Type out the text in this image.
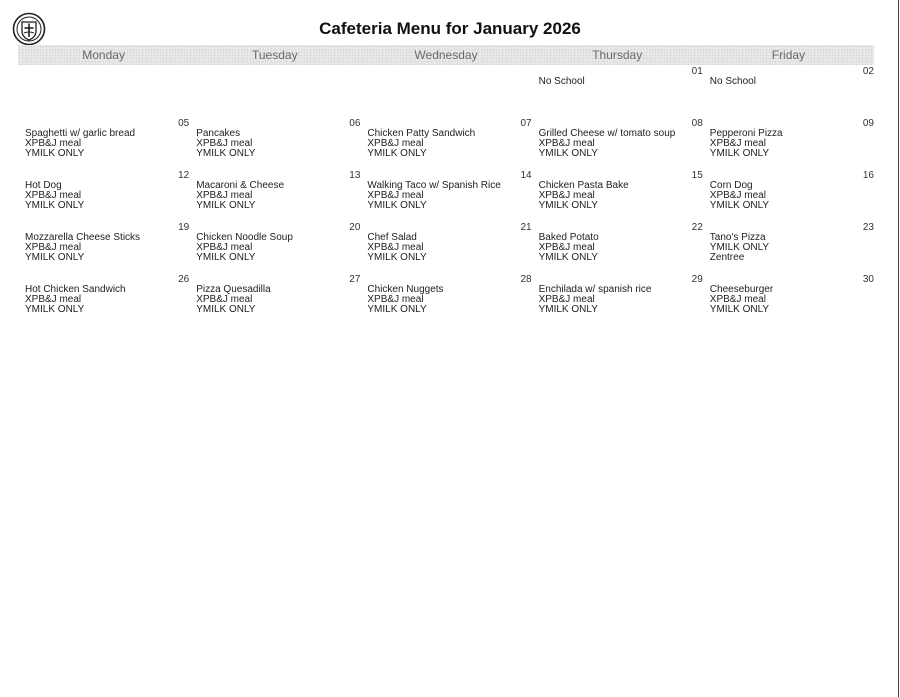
Cafeteria Menu for January 2026
Monday	Tuesday	Wednesday	Thursday	Friday
01
No School
02
No School
05
Spaghetti w/ garlic bread
XPB&J meal
YMILK ONLY
06
Pancakes
XPB&J meal
YMILK ONLY
07
Chicken Patty Sandwich
XPB&J meal
YMILK ONLY
08
Grilled Cheese w/ tomato soup
XPB&J meal
YMILK ONLY
09
Pepperoni Pizza
XPB&J meal
YMILK ONLY
12
Hot Dog
XPB&J meal
YMILK ONLY
13
Macaroni & Cheese
XPB&J meal
YMILK ONLY
14
Walking Taco w/ Spanish Rice
XPB&J meal
YMILK ONLY
15
Chicken Pasta Bake
XPB&J meal
YMILK ONLY
16
Corn Dog
XPB&J meal
YMILK ONLY
19
Mozzarella Cheese Sticks
XPB&J meal
YMILK ONLY
20
Chicken Noodle Soup
XPB&J meal
YMILK ONLY
21
Chef Salad
XPB&J meal
YMILK ONLY
22
Baked Potato
XPB&J meal
YMILK ONLY
23
Tano's Pizza
YMILK ONLY
Zentree
26
Hot Chicken Sandwich
XPB&J meal
YMILK ONLY
27
Pizza Quesadilla
XPB&J meal
YMILK ONLY
28
Chicken Nuggets
XPB&J meal
YMILK ONLY
29
Enchilada w/ spanish rice
XPB&J meal
YMILK ONLY
30
Cheeseburger
XPB&J meal
YMILK ONLY
